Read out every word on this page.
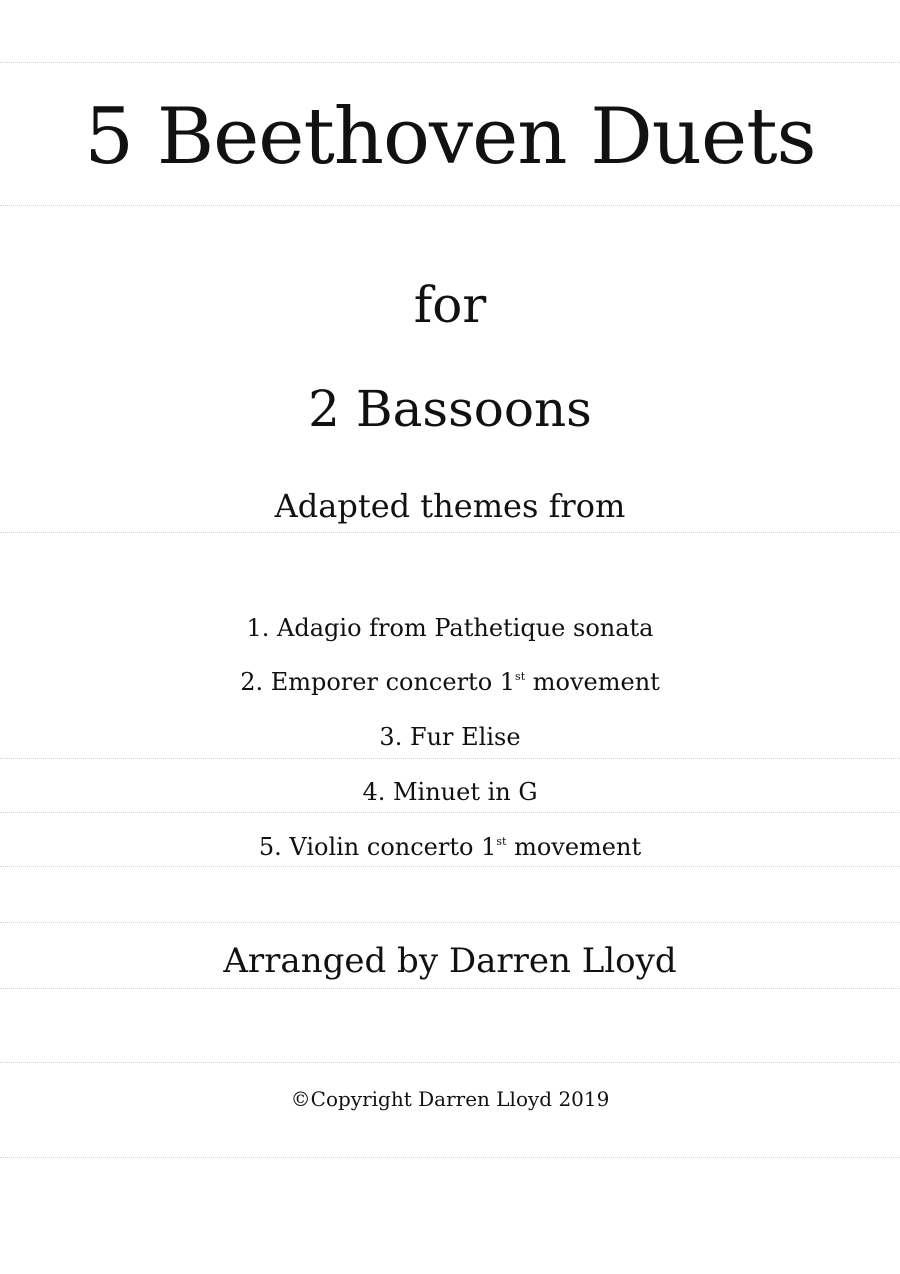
5 Beethoven Duets
for
2 Bassoons
Adapted themes from
1. Adagio from Pathetique sonata
2. Emporer concerto 1st movement
3. Fur Elise
4. Minuet in G
5. Violin concerto 1st movement
Arranged by Darren Lloyd
©Copyright Darren Lloyd 2019
